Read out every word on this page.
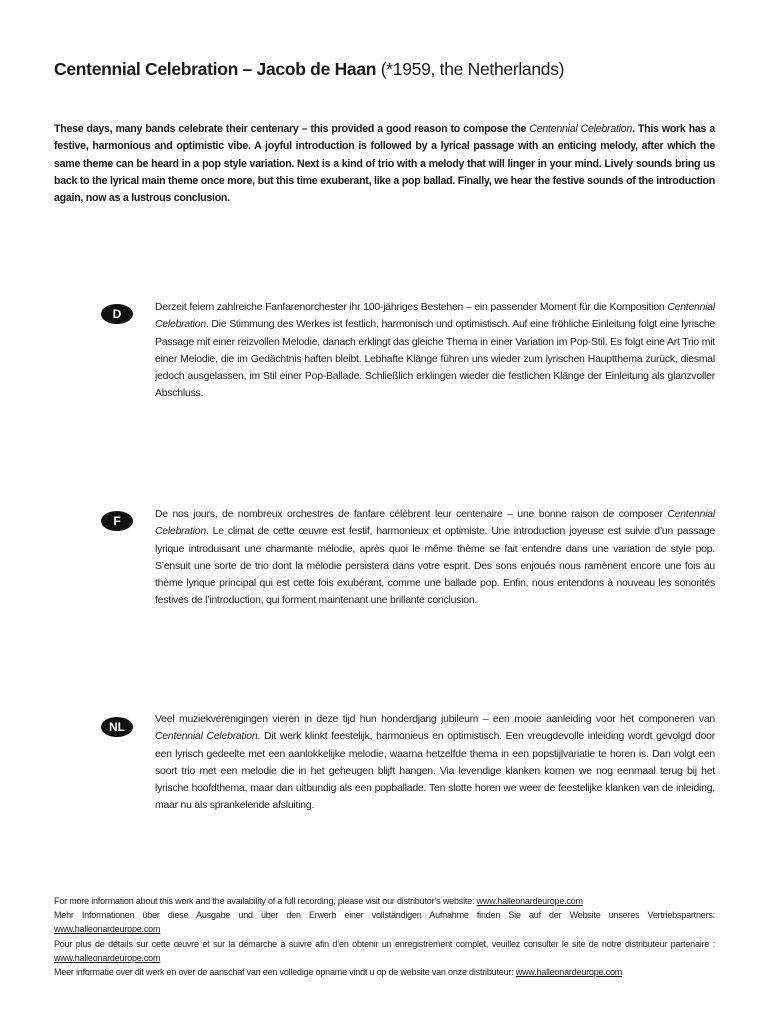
Centennial Celebration – Jacob de Haan (*1959, the Netherlands)
These days, many bands celebrate their centenary – this provided a good reason to compose the Centennial Celebration. This work has a festive, harmonious and optimistic vibe. A joyful introduction is followed by a lyrical passage with an enticing melody, after which the same theme can be heard in a pop style variation. Next is a kind of trio with a melody that will linger in your mind. Lively sounds bring us back to the lyrical main theme once more, but this time exuberant, like a pop ballad. Finally, we hear the festive sounds of the introduction again, now as a lustrous conclusion.
D	Derzeit feiern zahlreiche Fanfarenorchester ihr 100-jähriges Bestehen – ein passender Moment für die Komposition Centennial Celebration. Die Stimmung des Werkes ist festlich, harmonisch und optimistisch. Auf eine fröhliche Einleitung folgt eine lyrische Passage mit einer reizvollen Melodie, danach erklingt das gleiche Thema in einer Variation im Pop-Stil. Es folgt eine Art Trio mit einer Melodie, die im Gedächtnis haften bleibt. Lebhafte Klänge führen uns wieder zum lyrischen Hauptthema zurück, diesmal jedoch ausgelassen, im Stil einer Pop-Ballade. Schließlich erklingen wieder die festlichen Klänge der Einleitung als glanzvoller Abschluss.
F	De nos jours, de nombreux orchestres de fanfare célèbrent leur centenaire – une bonne raison de composer Centennial Celebration. Le climat de cette œuvre est festif, harmonieux et optimiste. Une introduction joyeuse est suivie d’un passage lyrique introduisant une charmante mélodie, après quoi le même thème se fait entendre dans une variation de style pop. S’ensuit une sorte de trio dont la mélodie persistera dans votre esprit. Des sons enjoués nous ramènent encore une fois au thème lyrique principal qui est cette fois exubérant, comme une ballade pop. Enfin, nous entendons à nouveau les sonorités festives de l’introduction, qui forment maintenant une brillante conclusion.
NL
Veel muziekverenigingen vieren in deze tijd hun honderdjarig jubileum – een mooie aanleiding voor het componeren van Centennial Celebration. Dit werk klinkt feestelijk, harmonieus en optimistisch. Een vreugdevolle inleiding wordt gevolgd door een lyrisch gedeelte met een aanlokkelijke melodie, waarna hetzelfde thema in een popstijlvariatie te horen is. Dan volgt een soort trio met een melodie die in het geheugen blijft hangen. Via levendige klanken komen we nog eenmaal terug bij het lyrische hoofdthema, maar dan uitbundig als een popballade. Ten slotte horen we weer de feestelijke klanken van de inleiding, maar nu als sprankelende afsluiting.

For more information about this work and the availability of a full recording, please visit our distributor’s website: www.halleonardeurope.com

Mehr Informationen über diese Ausgabe und über den Erwerb einer vollständigen Aufnahme finden Sie auf der Website unseres Vertriebspartners: www.halleonardeurope.com

Pour plus de détails sur cette œuvre et sur la démarche à suivre afin d’en obtenir un enregistrement complet, veuillez consulter le site de notre distributeur partenaire : www.halleonardeurope.com

Meer informatie over dit werk en over de aanschaf van een volledige opname vindt u op de website van onze distributeur: www.halleonardeurope.com
